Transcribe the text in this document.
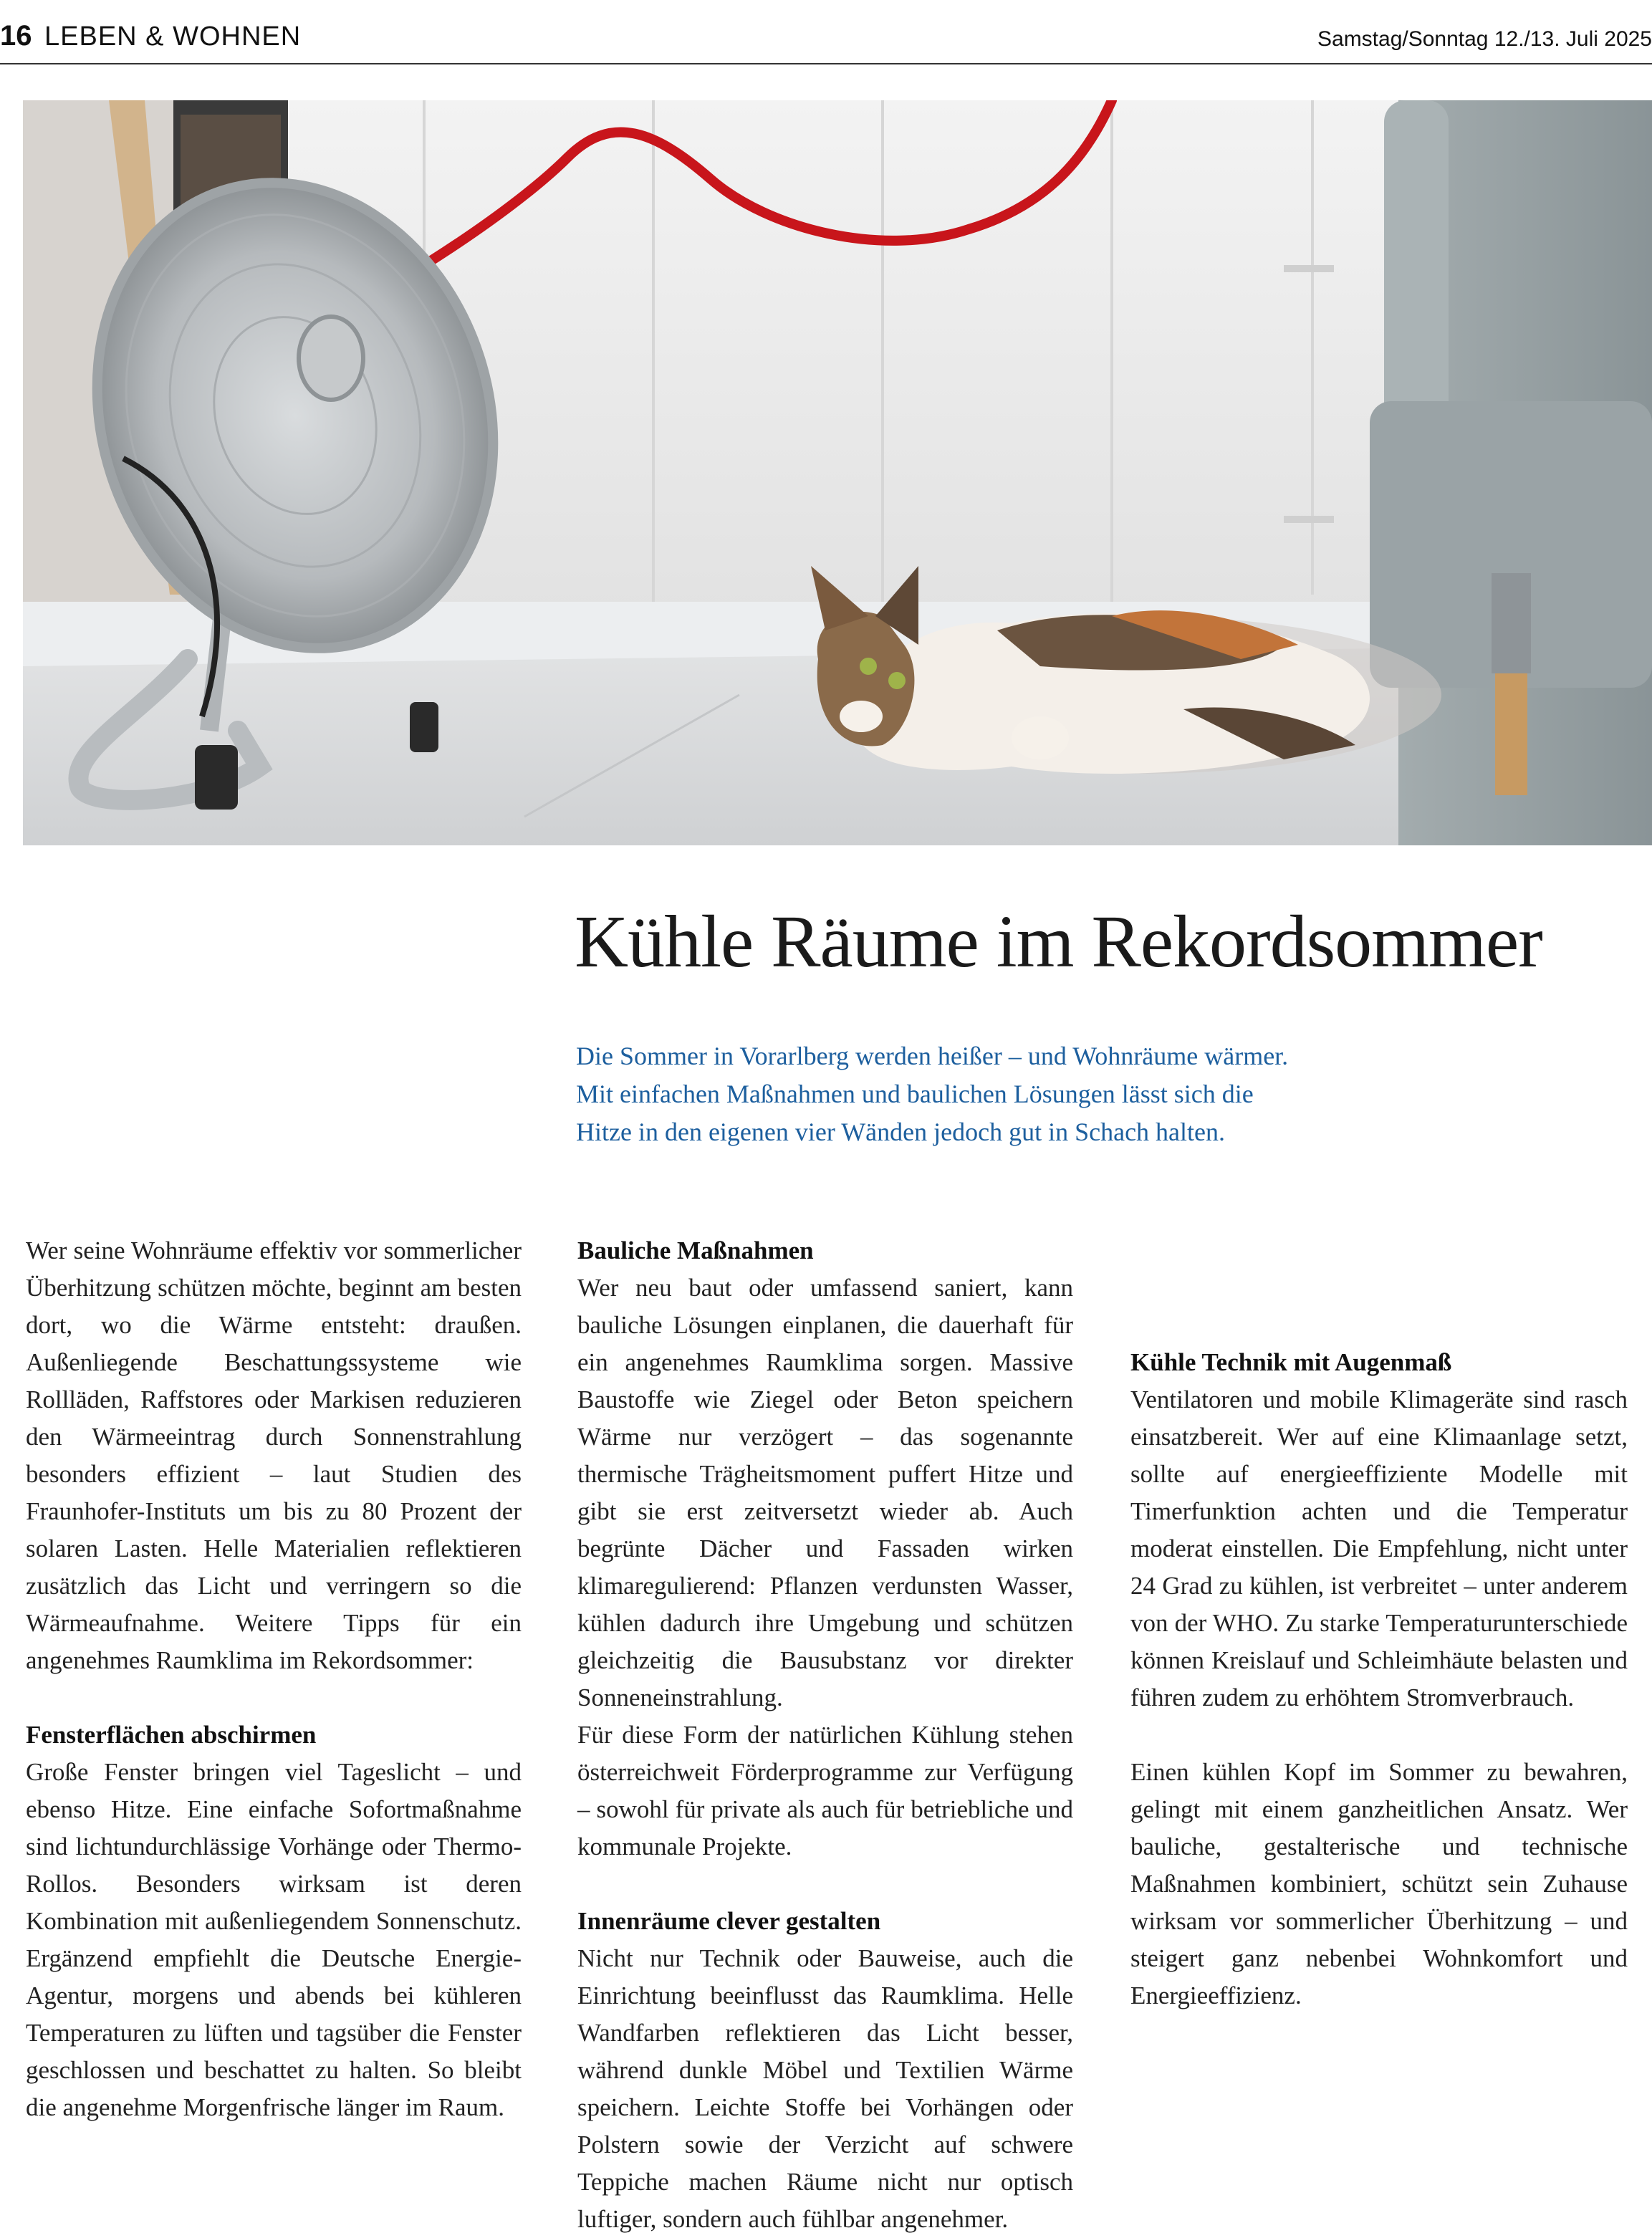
16 LEBEN & WOHNEN	Samstag/Sonntag 12./13. Juli 2025
Kühle Räume im Rekordsommer
Die Sommer in Vorarlberg werden heißer – und Wohnräume wärmer.
Mit einfachen Maßnahmen und baulichen Lösungen lässt sich die
Hitze in den eigenen vier Wänden jedoch gut in Schach halten.

Wer seine Wohnräume effektiv vor sommerlicher Überhitzung schützen möchte, beginnt am besten dort, wo die Wärme entsteht: draußen. Außenliegende Beschattungssysteme wie Rollläden, Raffstores oder Markisen reduzieren den Wärmeeintrag durch Sonnenstrahlung besonders effizient – laut Studien des Fraunhofer-Instituts um bis zu 80 Prozent der solaren Lasten. Helle Materialien reflektieren zusätzlich das Licht und verringern so die Wärmeaufnahme. Weitere Tipps für ein angenehmes Raumklima im Rekordsommer:

Fensterflächen abschirmen

Große Fenster bringen viel Tageslicht – und ebenso Hitze. Eine einfache Sofortmaßnahme sind lichtundurchlässige Vorhänge oder Thermo-Rollos. Besonders wirksam ist deren Kombination mit außenliegendem Sonnenschutz. Ergänzend empfiehlt die Deutsche Energie-Agentur, morgens und abends bei kühleren Temperaturen zu lüften und tagsüber die Fenster geschlossen und beschattet zu halten. So bleibt die angenehme Morgenfrische länger im Raum.

Bauliche Maßnahmen

Wer neu baut oder umfassend saniert, kann bauliche Lösungen einplanen, die dauerhaft für ein angenehmes Raumklima sorgen. Massive Baustoffe wie Ziegel oder Beton speichern Wärme nur verzögert – das sogenannte thermische Trägheitsmoment puffert Hitze und gibt sie erst zeitversetzt wieder ab. Auch begrünte Dächer und Fassaden wirken klimaregulierend: Pflanzen verdunsten Wasser, kühlen dadurch ihre Umgebung und schützen gleichzeitig die Bausubstanz vor direkter Sonneneinstrahlung.

Für diese Form der natürlichen Kühlung stehen österreichweit Förderprogramme zur Verfügung – sowohl für private als auch für betriebliche und kommunale Projekte.

Innenräume clever gestalten

Nicht nur Technik oder Bauweise, auch die Einrichtung beeinflusst das Raumklima. Helle Wandfarben reflektieren das Licht besser, während dunkle Möbel und Textilien Wärme speichern. Leichte Stoffe bei Vorhängen oder Polstern sowie der Verzicht auf schwere Teppiche machen Räume nicht nur optisch luftiger, sondern auch fühlbar angenehmer.

Kühle Technik mit Augenmaß

Ventilatoren und mobile Klimageräte sind rasch einsatzbereit. Wer auf eine Klimaanlage setzt, sollte auf energieeffiziente Modelle mit Timerfunktion achten und die Temperatur moderat einstellen. Die Empfehlung, nicht unter 24 Grad zu kühlen, ist verbreitet – unter anderem von der WHO. Zu starke Temperaturunterschiede können Kreislauf und Schleimhäute belasten und führen zudem zu erhöhtem Stromverbrauch.

Einen kühlen Kopf im Sommer zu bewahren, gelingt mit einem ganzheitlichen Ansatz. Wer bauliche, gestalterische und technische Maßnahmen kombiniert, schützt sein Zuhause wirksam vor sommerlicher Überhitzung – und steigert ganz nebenbei Wohnkomfort und Energieeffizienz.
